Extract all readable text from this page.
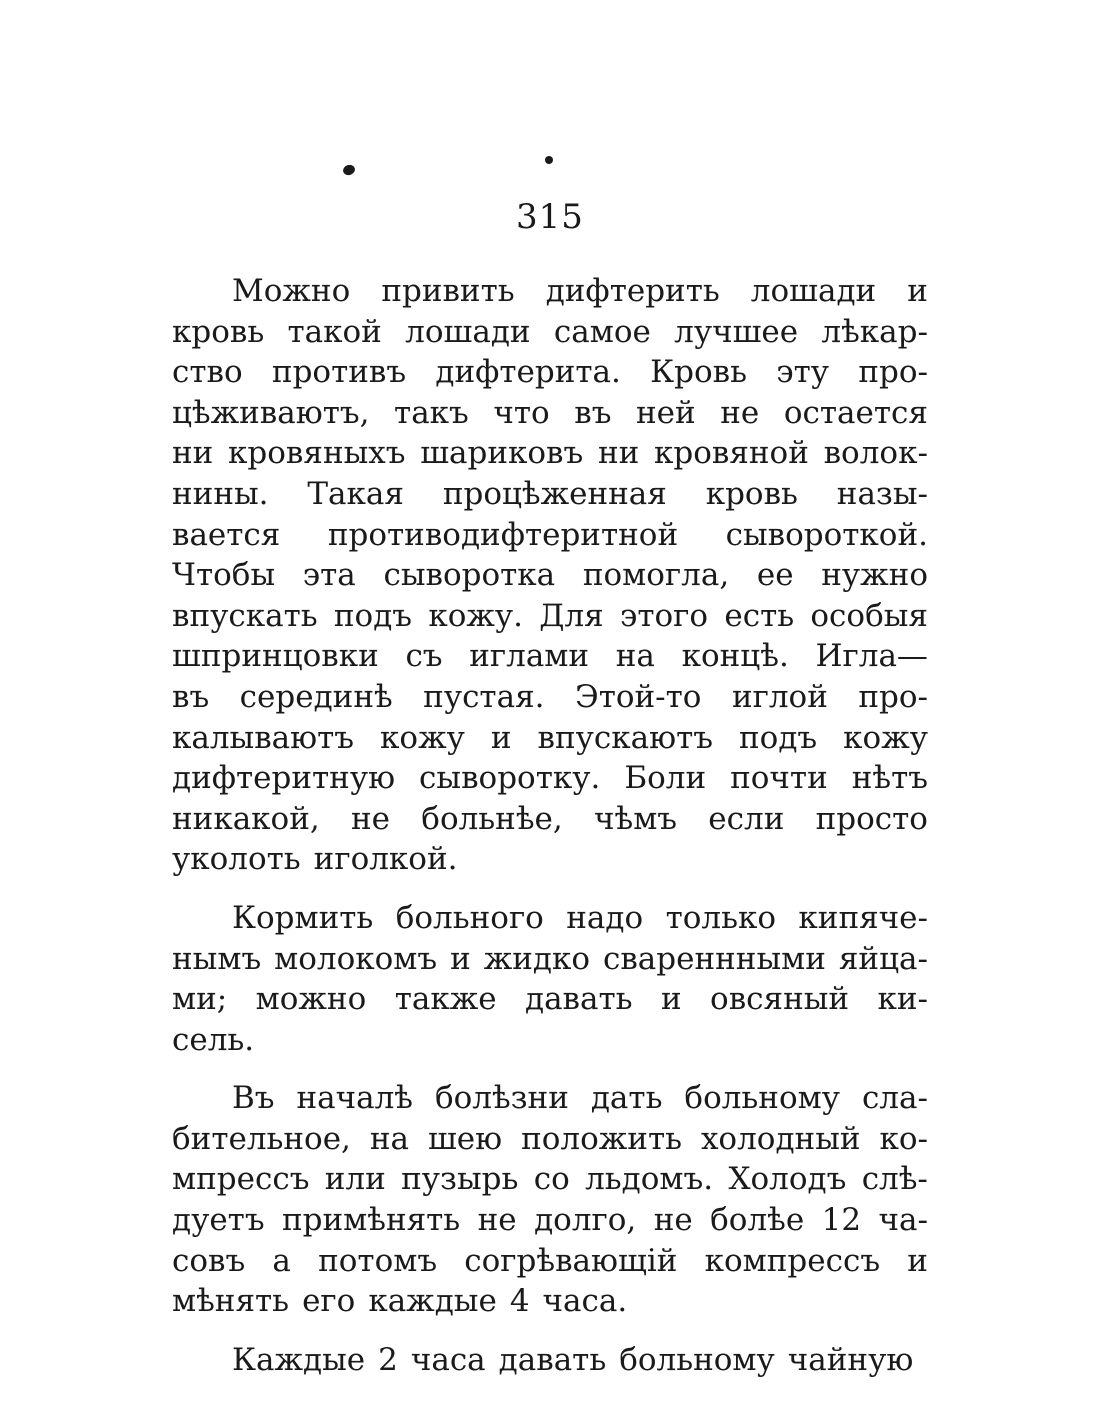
315
Можно привить дифтерить лошади и
кровь такой лошади самое лучшее лѣкар-
ство противъ дифтерита. Кровь эту про-
цѣживаютъ, такъ что въ ней не остается
ни кровяныхъ шариковъ ни кровяной волок-
нины. Такая процѣженная кровь назы-
вается противодифтеритной сывороткой.
Чтобы эта сыворотка помогла, ее нужно
впускать подъ кожу. Для этого есть особыя
шпринцовки съ иглами на концѣ. Игла—
въ серединѣ пустая. Этой-то иглой про-
калываютъ кожу и впускаютъ подъ кожу
дифтеритную сыворотку. Боли почти нѣтъ
никакой, не больнѣе, чѣмъ если просто
уколоть иголкой.
Кормить больного надо только кипяче-
нымъ молокомъ и жидко свареннными яйца-
ми; можно также давать и овсяный ки-
сель.
Въ началѣ болѣзни дать больному сла-
бительное, на шею положить холодный ко-
мпрессъ или пузырь со льдомъ. Холодъ слѣ-
дуетъ примѣнять не долго, не болѣе 12 ча-
совъ а потомъ согрѣвающій компрессъ и
мѣнять его каждые 4 часа.
Каждые 2 часа давать больному чайную
